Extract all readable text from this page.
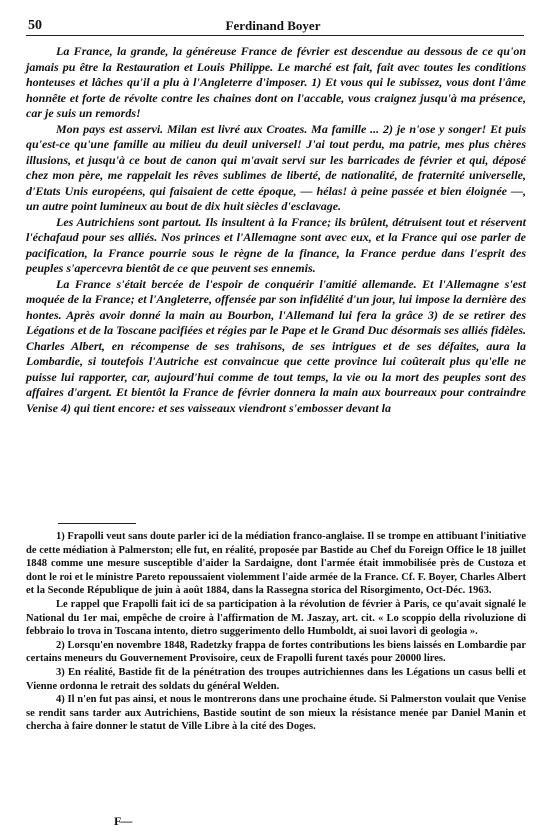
50	Ferdinand Boyer

La France, la grande, la généreuse France de février est descendue au dessous de ce qu'on jamais pu être la Restauration et Louis Philippe. Le marché est fait, fait avec toutes les conditions honteuses et lâches qu'il a plu à l'Angleterre d'imposer. 1) Et vous qui le subissez, vous dont l'âme honnête et forte de révolte contre les chaines dont on l'accable, vous craignez jusqu'à ma présence, car je suis un remords!

Mon pays est asservi. Milan est livré aux Croates. Ma famille ... 2) je n'ose y songer! Et puis qu'est-ce qu'une famille au milieu du deuil universel! J'ai tout perdu, ma patrie, mes plus chères illusions, et jusqu'à ce bout de canon qui m'avait servi sur les barricades de février et qui, déposé chez mon père, me rappelait les rêves sublimes de liberté, de nationalité, de fraternité universelle, d'Etats Unis européens, qui faisaient de cette époque, — hélas! à peine passée et bien éloignée —, un autre point lumineux au bout de dix huit siècles d'esclavage.

Les Autrichiens sont partout. Ils insultent à la France; ils brûlent, détruisent tout et réservent l'échafaud pour ses alliés. Nos princes et l'Allemagne sont avec eux, et la France qui ose parler de pacification, la France pourrie sous le règne de la finance, la France perdue dans l'esprit des peuples s'apercevra bientôt de ce que peuvent ses ennemis.

La France s'était bercée de l'espoir de conquérir l'amitié allemande. Et l'Allemagne s'est moquée de la France; et l'Angleterre, offensée par son infidélité d'un jour, lui impose la dernière des hontes. Après avoir donné la main au Bourbon, l'Allemand lui fera la grâce 3) de se retirer des Légations et de la Toscane pacifiées et régies par le Pape et le Grand Duc désormais ses alliés fidèles. Charles Albert, en récompense de ses trahisons, de ses intrigues et de ses défaites, aura la Lombardie, si toutefois l'Autriche est convaincue que cette province lui coûterait plus qu'elle ne puisse lui rapporter, car, aujourd'hui comme de tout temps, la vie ou la mort des peuples sont des affaires d'argent. Et bientôt la France de février donnera la main aux bourreaux pour contraindre Venise 4) qui tient encore: et ses vaisseaux viendront s'embosser devant la

1) Frapolli veut sans doute parler ici de la médiation franco-anglaise. Il se trompe en attibuant l'initiative de cette médiation à Palmerston; elle fut, en réalité, proposée par Bastide au Chef du Foreign Office le 18 juillet 1848 comme une mesure susceptible d'aider la Sardaigne, dont l'armée était immobilisée près de Custoza et dont le roi et le ministre Pareto repoussaient violemment l'aide armée de la France. Cf. F. Boyer, Charles Albert et la Seconde République de juin à août 1884, dans la Rassegna storica del Risorgimento, Oct-Déc. 1963.

Le rappel que Frapolli fait ici de sa participation à la révolution de février à Paris, ce qu'avait signalé le National du 1er mai, empêche de croire à l'affirmation de M. Jaszay, art. cit. « Lo scoppio della rivoluzione di febbraio lo trova in Toscana intento, dietro suggerimento dello Humboldt, ai suoi lavori di geologia ».

2) Lorsqu'en novembre 1848, Radetzky frappa de fortes contributions les biens laissés en Lombardie par certains meneurs du Gouvernement Provisoire, ceux de Frapolli furent taxés pour 20000 lires.

3) En réalité, Bastide fit de la pénétration des troupes autrichiennes dans les Légations un casus belli et Vienne ordonna le retrait des soldats du général Welden.

4) Il n'en fut pas ainsi, et nous le montrerons dans une prochaine étude. Si Palmerston voulait que Venise se rendit sans tarder aux Autrichiens, Bastide soutint de son mieux la résistance menée par Daniel Manin et chercha à faire donner le statut de Ville Libre à la cité des Doges.

F—
